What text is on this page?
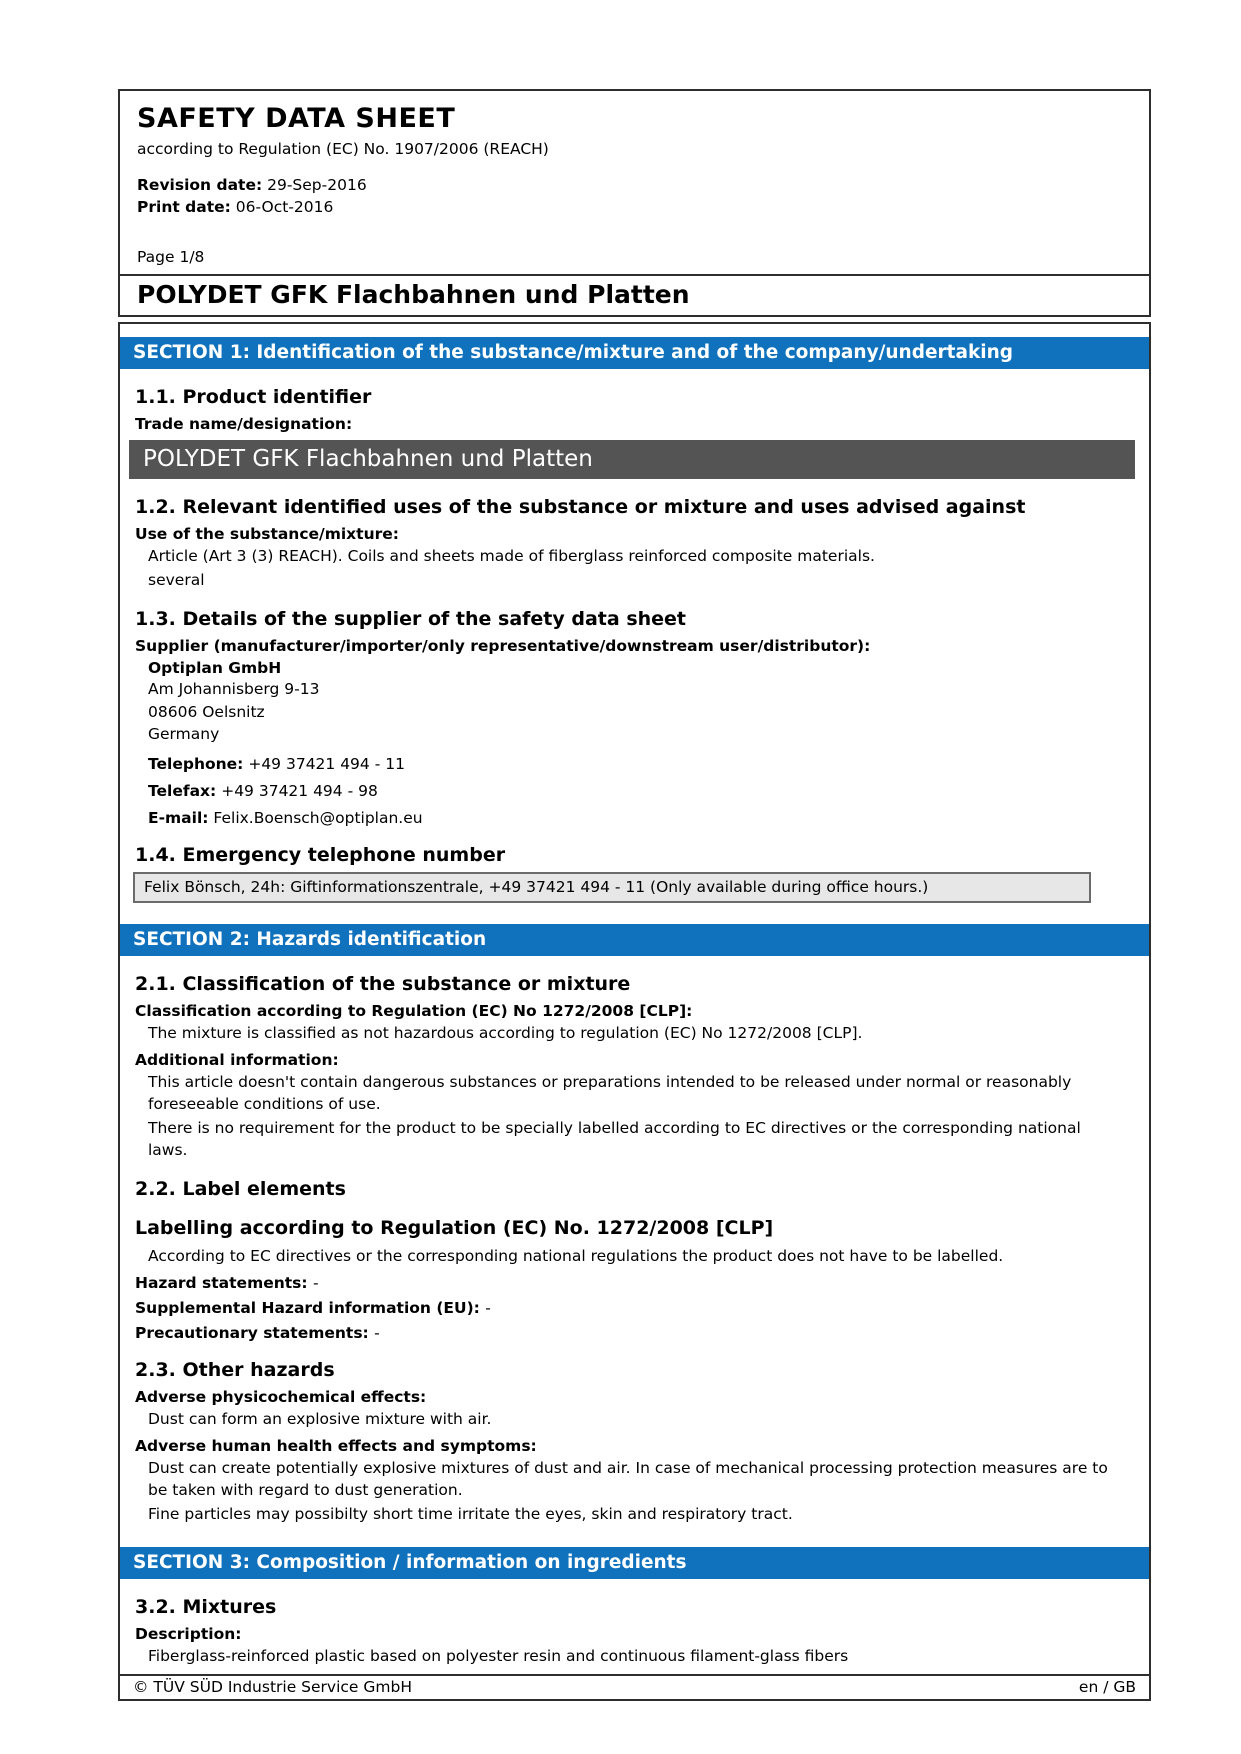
SAFETY DATA SHEET
according to Regulation (EC) No. 1907/2006 (REACH)
Revision date: 29-Sep-2016
Print date: 06-Oct-2016
Page 1/8
POLYDET GFK Flachbahnen und Platten
SECTION 1: Identification of the substance/mixture and of the company/undertaking
1.1. Product identifier
Trade name/designation:
POLYDET GFK Flachbahnen und Platten
1.2. Relevant identified uses of the substance or mixture and uses advised against
Use of the substance/mixture:
Article (Art 3 (3) REACH). Coils and sheets made of fiberglass reinforced composite materials.
several
1.3. Details of the supplier of the safety data sheet
Supplier (manufacturer/importer/only representative/downstream user/distributor):
Optiplan GmbH
Am Johannisberg 9-13
08606 Oelsnitz
Germany
Telephone: +49 37421 494 - 11
Telefax: +49 37421 494 - 98
E-mail: Felix.Boensch@optiplan.eu
1.4. Emergency telephone number
Felix Bönsch, 24h: Giftinformationszentrale, +49 37421 494 - 11 (Only available during office hours.)
SECTION 2: Hazards identification
2.1. Classification of the substance or mixture
Classification according to Regulation (EC) No 1272/2008 [CLP]:
The mixture is classified as not hazardous according to regulation (EC) No 1272/2008 [CLP].
Additional information:
This article doesn't contain dangerous substances or preparations intended to be released under normal or reasonably foreseeable conditions of use.
There is no requirement for the product to be specially labelled according to EC directives or the corresponding national laws.
2.2. Label elements
Labelling according to Regulation (EC) No. 1272/2008 [CLP]
According to EC directives or the corresponding national regulations the product does not have to be labelled.
Hazard statements: -
Supplemental Hazard information (EU): -
Precautionary statements: -
2.3. Other hazards
Adverse physicochemical effects:
Dust can form an explosive mixture with air.
Adverse human health effects and symptoms:
Dust can create potentially explosive mixtures of dust and air. In case of mechanical processing protection measures are to be taken with regard to dust generation.
Fine particles may possibilty short time irritate the eyes, skin and respiratory tract.
SECTION 3: Composition / information on ingredients
3.2. Mixtures
Description:
Fiberglass-reinforced plastic based on polyester resin and continuous filament-glass fibers
© TÜV SÜD Industrie Service GmbH	en / GB
